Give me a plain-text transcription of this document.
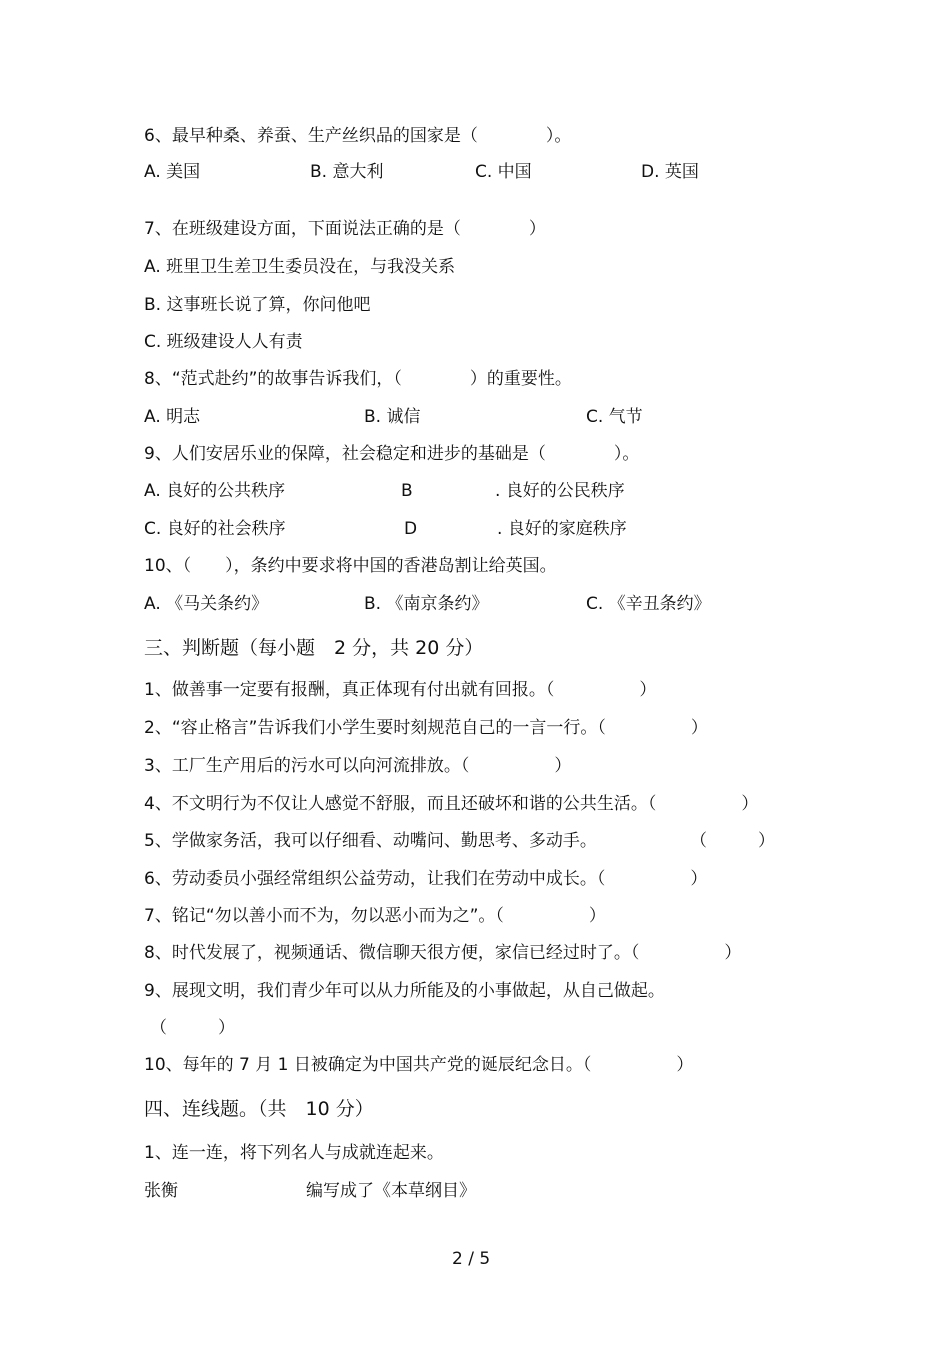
6、最早种桑、养蚕、生产丝织品的国家是（　　　　）。
A. 美国	B. 意大利	C. 中国	D. 英国
7、在班级建设方面，下面说法正确的是（　　　　）
A. 班里卫生差卫生委员没在，与我没关系
B. 这事班长说了算，你问他吧
C. 班级建设人人有责
8、“范式赴约”的故事告诉我们，（　　　　）的重要性。
A. 明志	B. 诚信	C. 气节
9、人们安居乐业的保障，社会稳定和进步的基础是（　　　　）。
A. 良好的公共秩序	B	. 良好的公民秩序
C. 良好的社会秩序	D	. 良好的家庭秩序
10、（　　），条约中要求将中国的香港岛割让给英国。
A. 《马关条约》	B. 《南京条约》	C. 《辛丑条约》
三、判断题（每小题　2 分，共 20 分）
1、做善事一定要有报酬，真正体现有付出就有回报。（　　　　　）
2、“容止格言”告诉我们小学生要时刻规范自己的一言一行。（　　　　　）
3、工厂生产用后的污水可以向河流排放。（　　　　　）
4、不文明行为不仅让人感觉不舒服，而且还破坏和谐的公共生活。（　　　　　）
5、学做家务活，我可以仔细看、动嘴问、勤思考、多动手。	（　　　）
6、劳动委员小强经常组织公益劳动，让我们在劳动中成长。（　　　　　）
7、铭记“勿以善小而不为，勿以恶小而为之”。（　　　　　）
8、时代发展了，视频通话、微信聊天很方便，家信已经过时了。（　　　　　）
9、展现文明，我们青少年可以从力所能及的小事做起，从自己做起。
（　　　）
10、每年的 7 月 1 日被确定为中国共产党的诞辰纪念日。（　　　　　）
四、连线题。（共　10 分）
1、连一连，将下列名人与成就连起来。
张衡	编写成了《本草纲目》
2 / 5
